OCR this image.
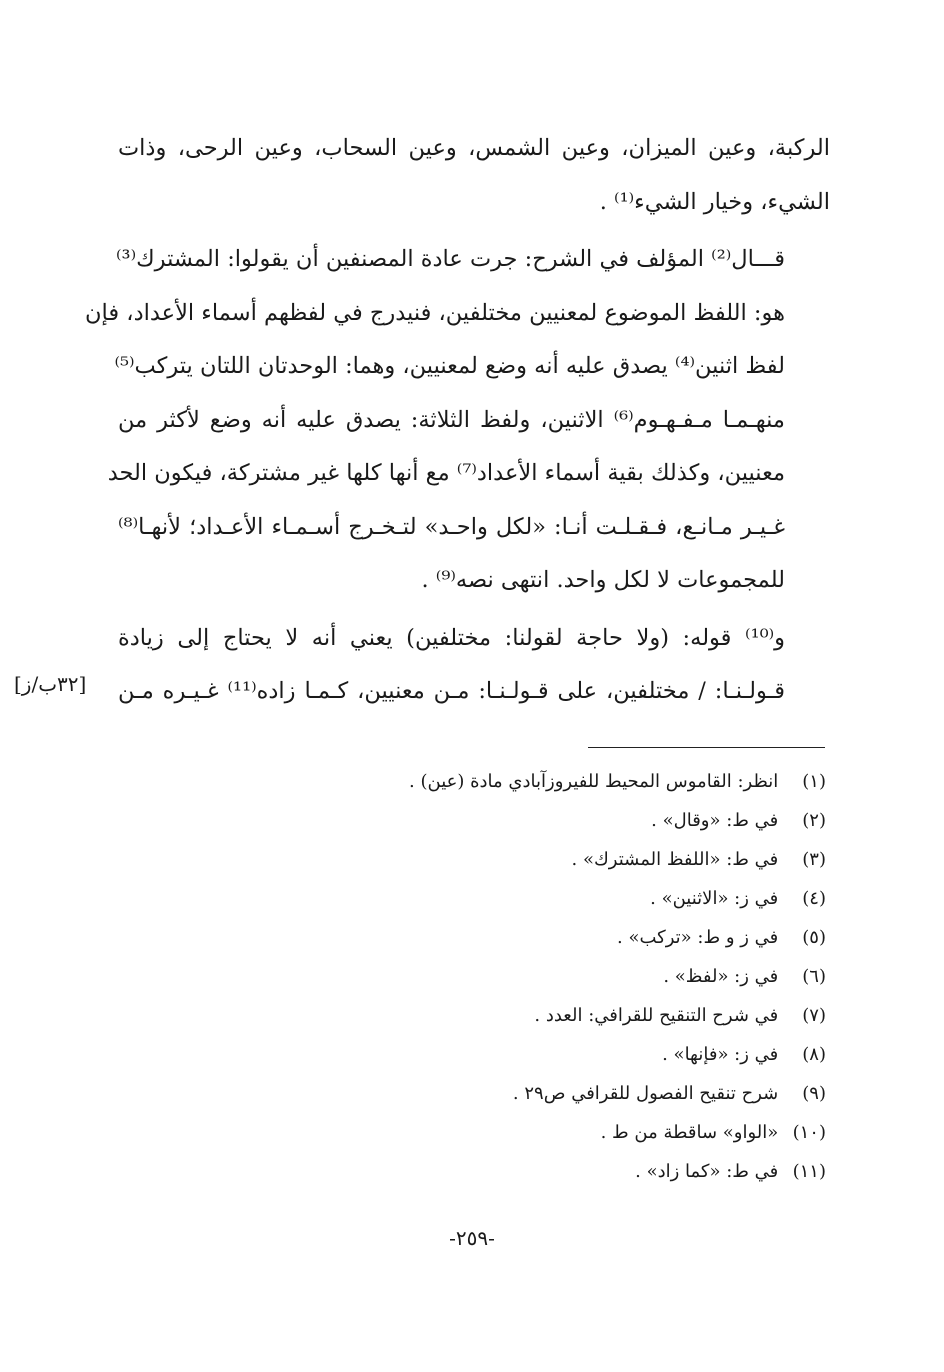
الركبة، وعين الميزان، وعين الشمس، وعين السحاب، وعين الرحى، وذات
الشيء، وخيار الشيء⁽¹⁾ .

قـــال⁽²⁾ المؤلف في الشرح: جرت عادة المصنفين أن يقولوا: المشترك⁽³⁾
هو: اللفظ الموضوع لمعنيين مختلفين، فنيدرج في لفظهم أسماء الأعداد، فإن
لفظ اثنين⁽⁴⁾ يصدق عليه أنه وضع لمعنيين، وهما: الوحدتان اللتان يتركب⁽⁵⁾
منهـمـا مـفـهـوم⁽⁶⁾ الاثنين، ولفظ الثلاثة: يصدق عليه أنه وضع لأكثر من
معنيين، وكذلك بقية أسماء الأعداد⁽⁷⁾ مع أنها كلها غير مشتركة، فيكون الحد
غـيـر مـانـع، فـقـلـت أنـا: «لكل واحـد» لتـخـرج أسـمـاء الأعـداد؛ لأنهـا⁽⁸⁾
للمجموعات لا لكل واحد. انتهى نصه⁽⁹⁾ .

و⁽¹⁰⁾ قوله: (ولا حاجة لقولنا: مختلفين) يعني أنه لا يحتاج إلى زيادة
قـولـنـا: / مختلفين، على قـولـنـا: مـن معنيين، كـمـا زاده⁽¹¹⁾ غـيـره مـن

[٣٢ب/ز]
(١) انظر: القاموس المحيط للفيروزآبادي مادة (عين) .
(٢) في ط: «وقال» .
(٣) في ط: «اللفظ المشترك» .
(٤) في ز: «الاثنين» .
(٥) في ز و ط: «تركب» .
(٦) في ز: «لفظ» .
(٧) في شرح التنقيح للقرافي: العدد .
(٨) في ز: «فإنها» .
(٩) شرح تنقيح الفصول للقرافي ص٢٩ .
(١٠) «الواو» ساقطة من ط .
(١١) في ط: «كما زاد» .
-٢٥٩-
